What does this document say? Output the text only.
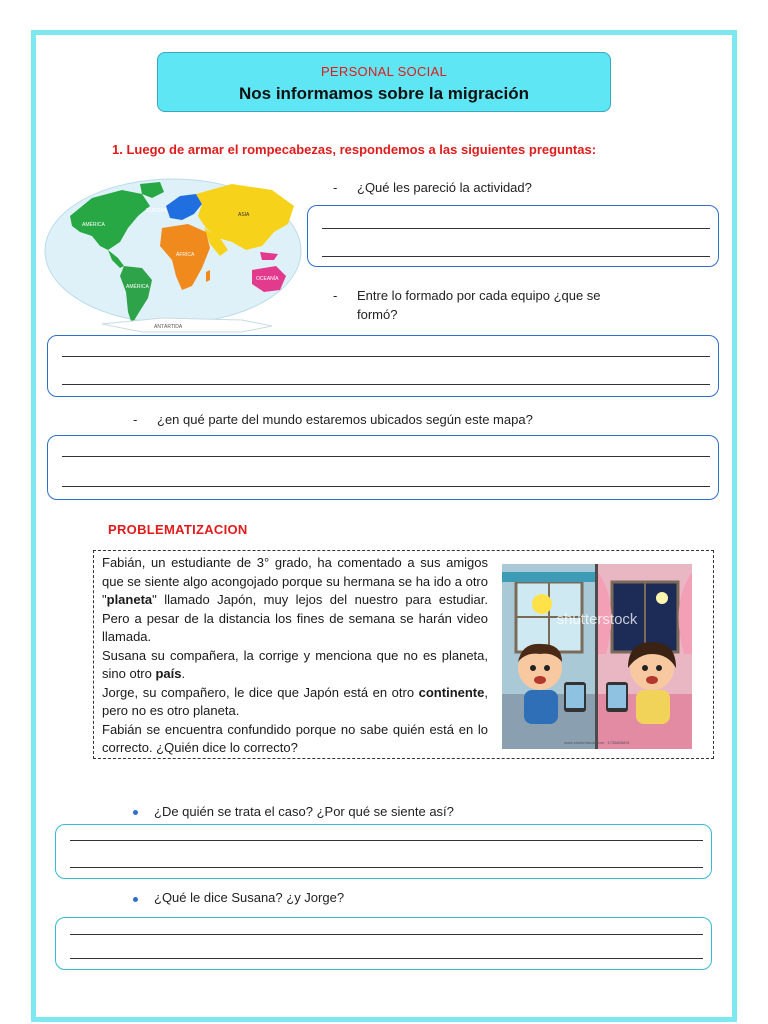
PERSONAL SOCIAL
Nos informamos sobre la migración
1. Luego de armar el rompecabezas, respondemos a las siguientes preguntas:
EUROPA
ASIA
AMÉRICA
AMÉRICA
ÁFRICA
OCEANÍA
ANTÁRTIDA
- ¿Qué les pareció la actividad?
- Entre lo formado por cada equipo ¿que se
formó?
- ¿en qué parte del mundo estaremos ubicados según este mapa?
PROBLEMATIZACION
Fabián, un estudiante de 3° grado, ha comentado a sus amigos que se siente algo acongojado porque su hermana se ha ido a otro "planeta" llamado Japón, muy lejos del nuestro para estudiar. Pero a pesar de la distancia los fines de semana se harán video llamada.
Susana su compañera, la corrige y menciona que no es planeta, sino otro país.
Jorge, su compañero, le dice que Japón está en otro continente, pero no es otro planeta.
Fabián se encuentra confundido porque no sabe quién está en lo correcto. ¿Quién dice lo correcto?
shutterstock
www.shutterstock.com · 1736826891
¿De quién se trata el caso? ¿Por qué se siente así?
¿Qué le dice Susana? ¿y Jorge?
